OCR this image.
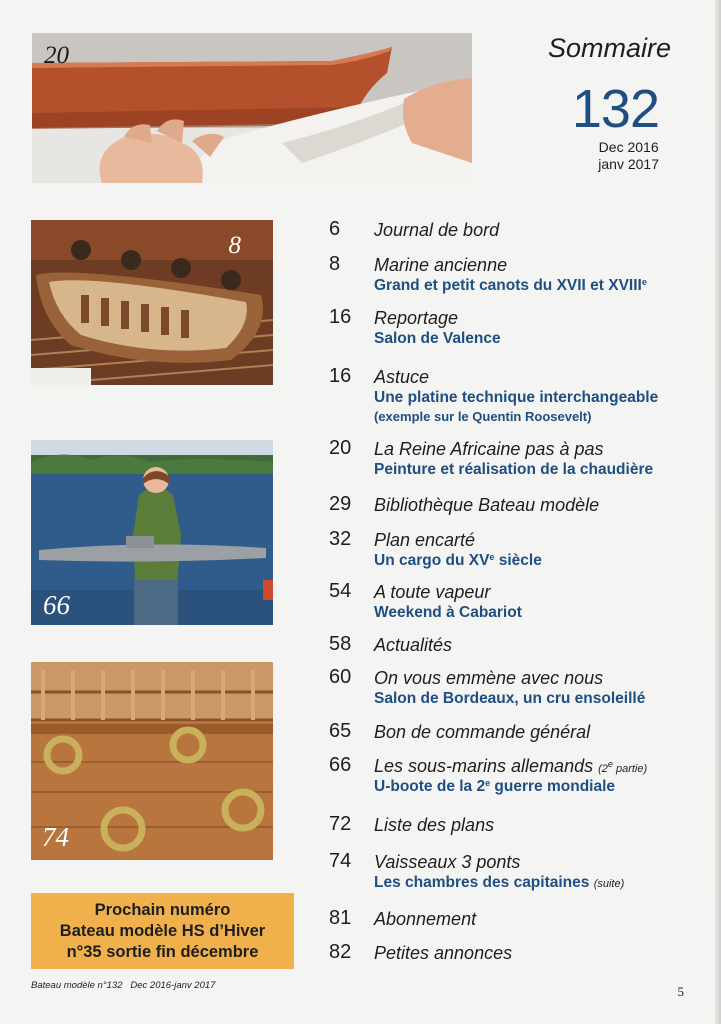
20
8
66
74
Sommaire
132
Dec 2016
janv 2017
6 Journal de bord
8 Marine ancienne
Grand et petit canots du XVII et XVIIIe
16 Reportage
Salon de Valence
16 Astuce
Une platine technique interchangeable
(exemple sur le Quentin Roosevelt)
20 La Reine Africaine pas à pas
Peinture et réalisation de la chaudière
29 Bibliothèque Bateau modèle
32 Plan encarté
Un cargo du XVe siècle
54 A toute vapeur
Weekend à Cabariot
58 Actualités
60 On vous emmène avec nous
Salon de Bordeaux, un cru ensoleillé
65 Bon de commande général
66 Les sous-marins allemands (2e partie)
U-boote de la 2e guerre mondiale
72 Liste des plans
74 Vaisseaux 3 ponts
Les chambres des capitaines (suite)
81 Abonnement
82 Petites annonces
Prochain numéro
Bateau modèle HS d’Hiver
n°35 sortie fin décembre
Bateau modèle n°132   Dec 2016-janv 2017	5
